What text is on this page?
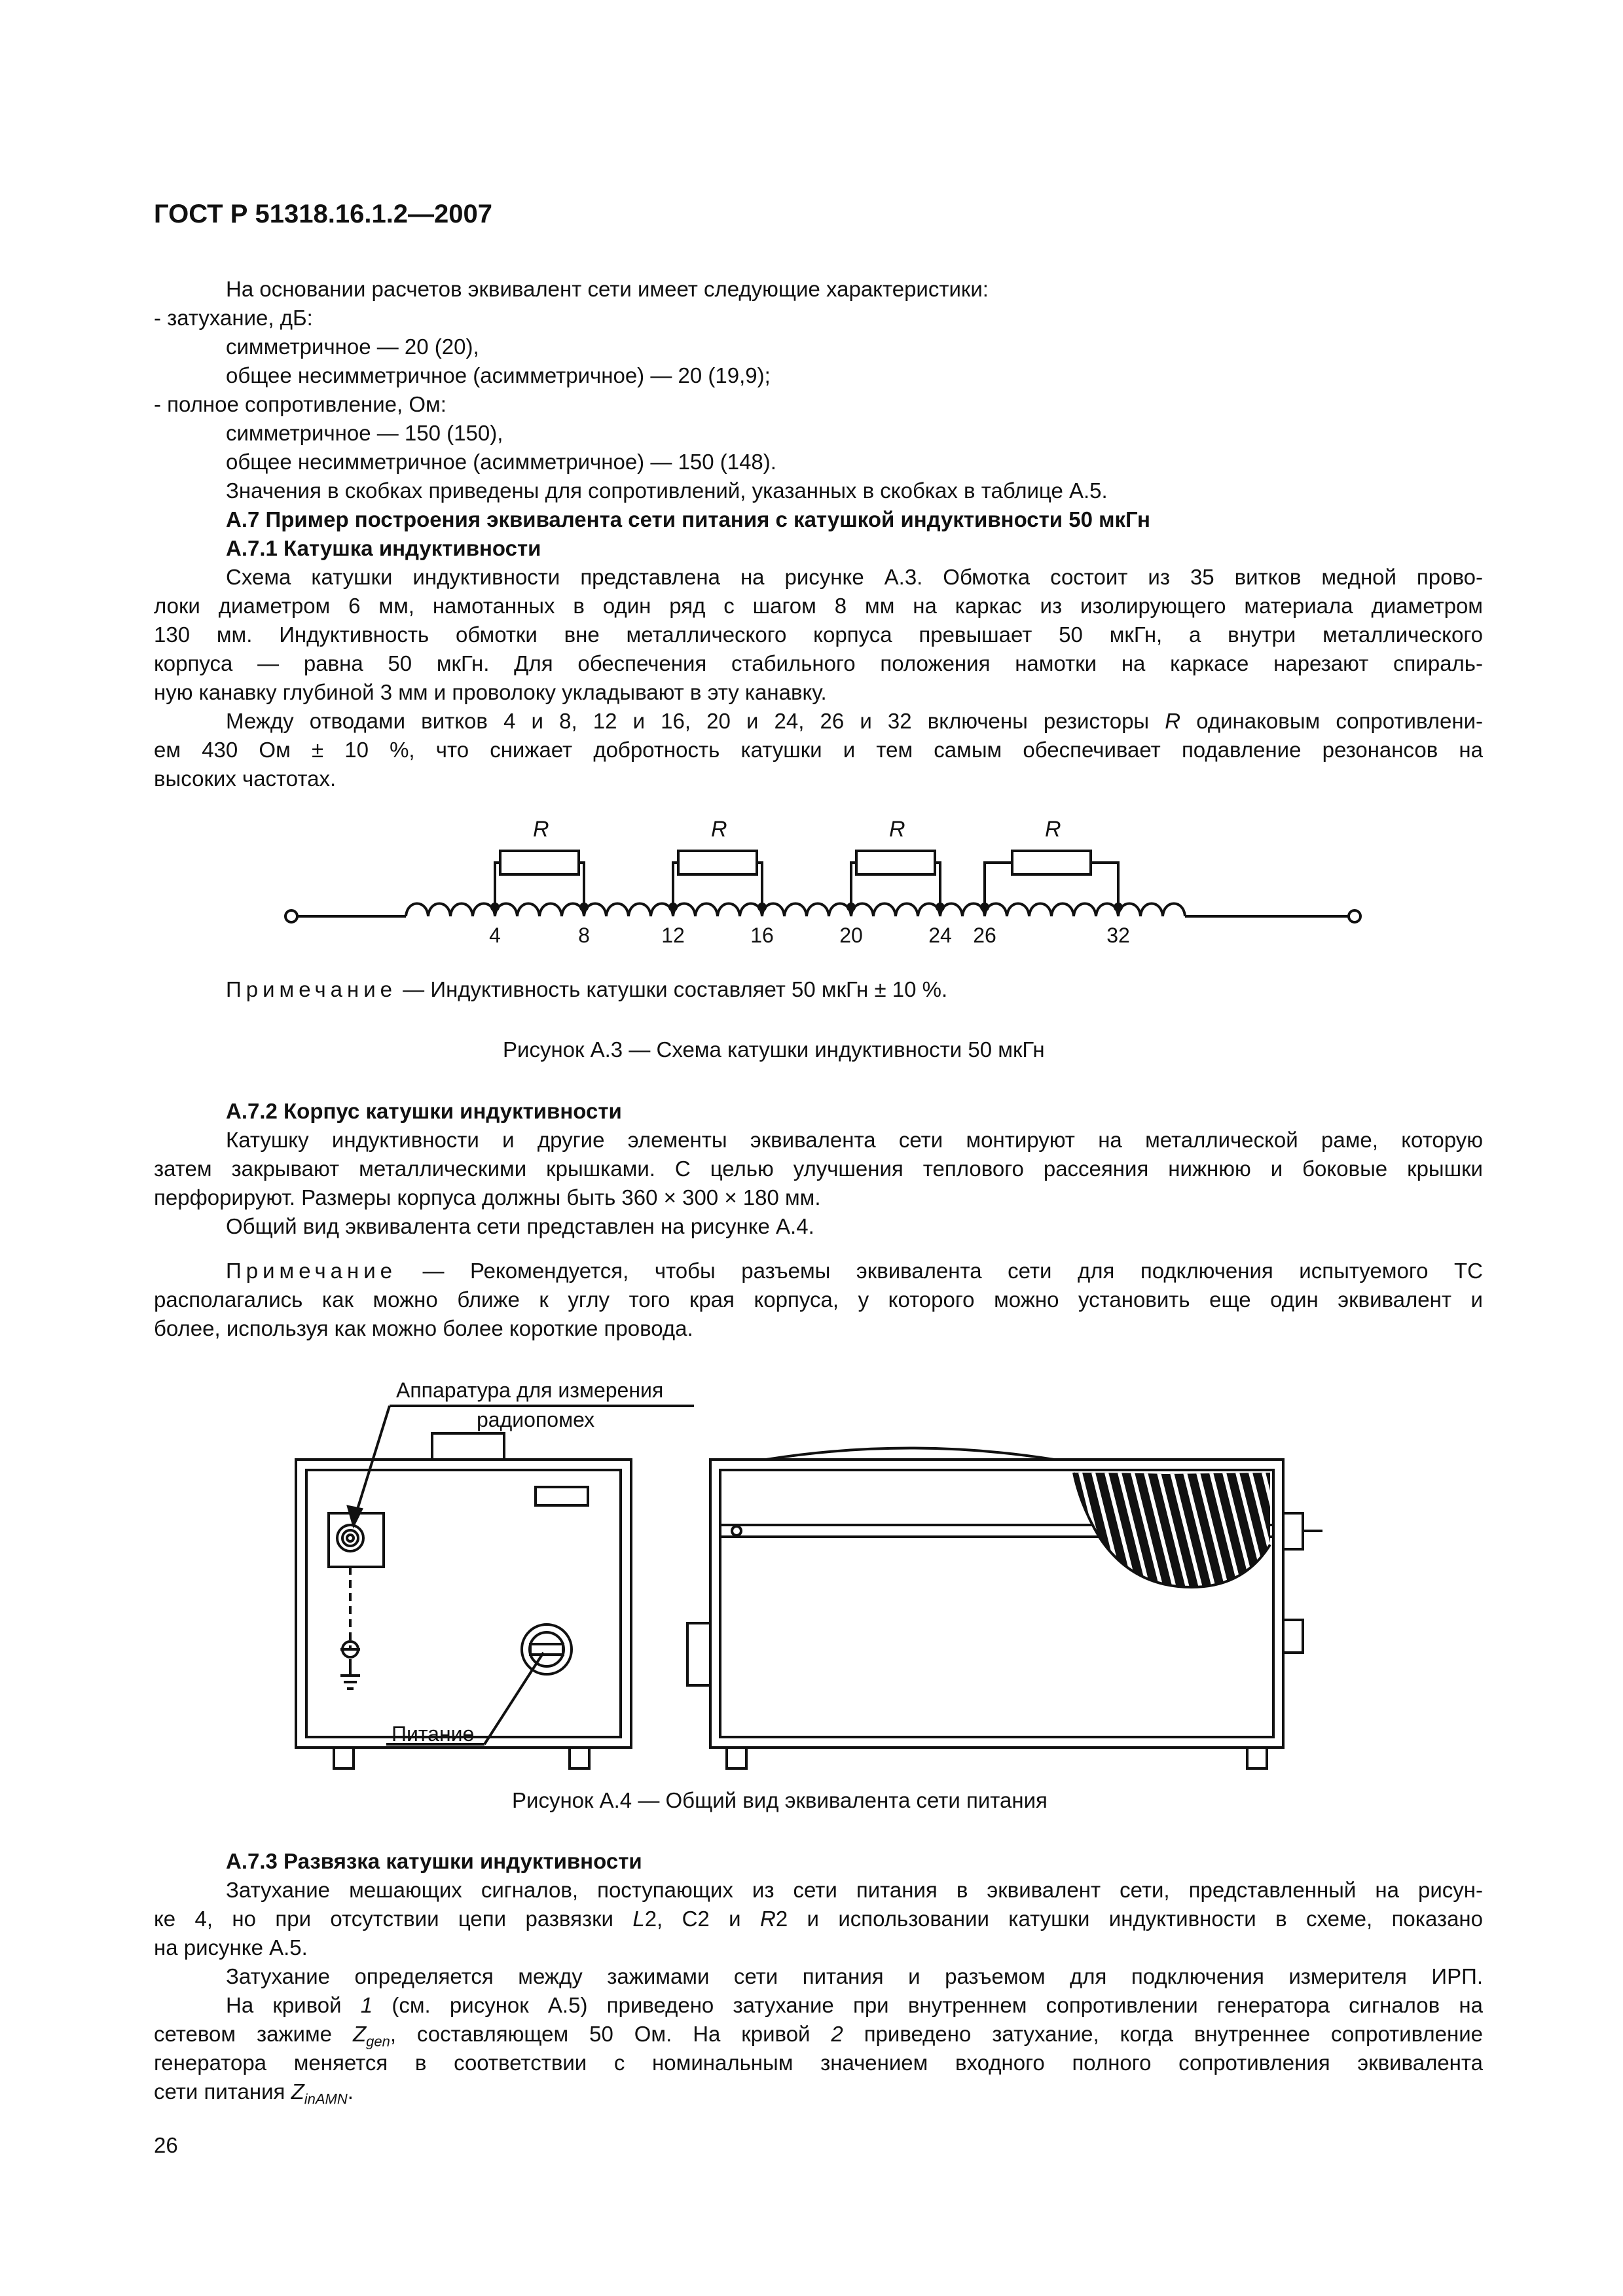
ГОСТ Р 51318.16.1.2—2007
На основании расчетов эквивалент сети имеет следующие характеристики:
- затухание, дБ:
симметричное — 20 (20),
общее несимметричное (асимметричное) — 20 (19,9);
- полное сопротивление, Ом:
симметричное — 150 (150),
общее несимметричное (асимметричное) — 150 (148).
Значения в скобках приведены для сопротивлений, указанных в скобках в таблице А.5.
А.7 Пример построения эквивалента сети питания с катушкой индуктивности 50 мкГн
А.7.1 Катушка индуктивности
Схема катушки индуктивности представлена на рисунке А.3. Обмотка состоит из 35 витков медной прово-
локи диаметром 6 мм, намотанных в один ряд с шагом 8 мм на каркас из изолирующего материала диаметром
130 мм. Индуктивность обмотки вне металлического корпуса превышает 50 мкГн, а внутри металлического
корпуса — равна 50 мкГн. Для обеспечения стабильного положения намотки на каркасе нарезают спираль-
ную канавку глубиной 3 мм и проволоку укладывают в эту канавку.
Между отводами витков 4 и 8, 12 и 16, 20 и 24, 26 и 32 включены резисторы R одинаковым сопротивлени-
ем 430 Ом ± 10 %, что снижает добротность катушки и тем самым обеспечивает подавление резонансов на
высоких частотах.
R	R	R	R
4	8	12	16	20	24 26	32
Примечание — Индуктивность катушки составляет 50 мкГн ± 10 %.
Рисунок А.3 — Схема катушки индуктивности 50 мкГн
А.7.2 Корпус катушки индуктивности
Катушку индуктивности и другие элементы эквивалента сети монтируют на металлической раме, которую
затем закрывают металлическими крышками. С целью улучшения теплового рассеяния нижнюю и боковые крышки
перфорируют. Размеры корпуса должны быть 360 × 300 × 180 мм.
Общий вид эквивалента сети представлен на рисунке А.4.
Примечание — Рекомендуется, чтобы разъемы эквивалента сети для подключения испытуемого ТС
располагались как можно ближе к углу того края корпуса, у которого можно установить еще один эквивалент и
более, используя как можно более короткие провода.
Аппаратура для измерения
радиопомех
Питание
Рисунок А.4 — Общий вид эквивалента сети питания
А.7.3 Развязка катушки индуктивности
Затухание мешающих сигналов, поступающих из сети питания в эквивалент сети, представленный на рисун-
ке 4, но при отсутствии цепи развязки L2, С2 и R2 и использовании катушки индуктивности в схеме, показано
на рисунке А.5.
Затухание определяется между зажимами сети питания и разъемом для подключения измерителя ИРП.
На кривой 1 (см. рисунок А.5) приведено затухание при внутреннем сопротивлении генератора сигналов на
сетевом зажиме $Z_{gen}$, составляющем 50 Ом. На кривой 2 приведено затухание, когда внутреннее сопротивление
генератора меняется в соответствии с номинальным значением входного полного сопротивления эквивалента
сети питания $Z_{inAMN}$.
26
